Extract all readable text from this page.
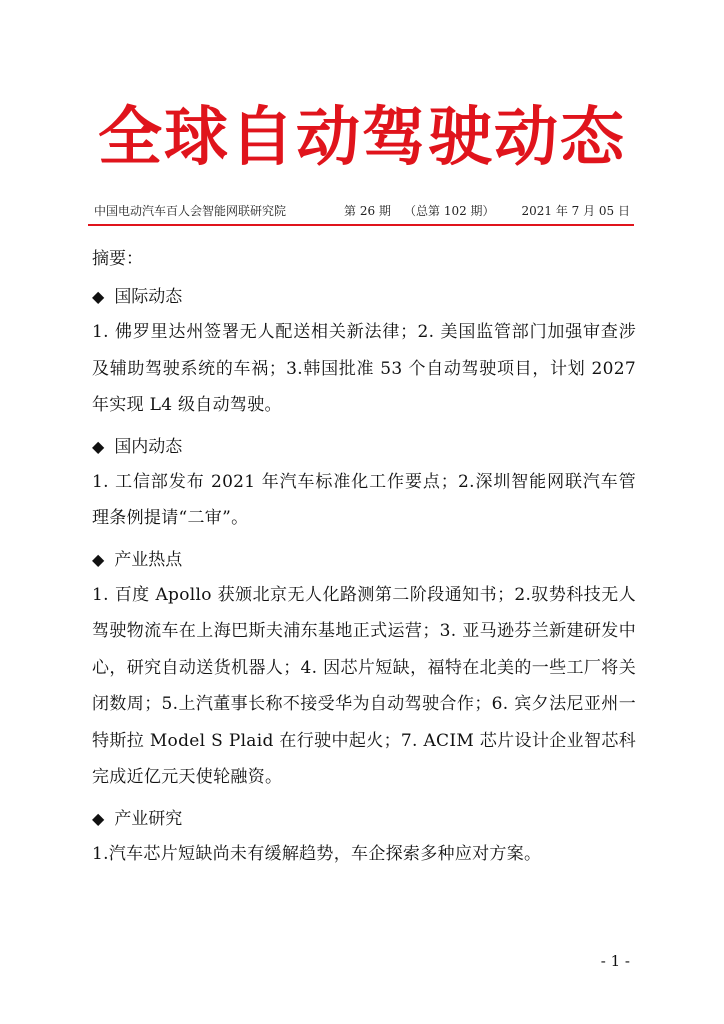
全球自动驾驶动态
中国电动汽车百人会智能网联研究院	第 26 期 （总第 102 期） 2021 年 7 月 05 日
摘要：
◆ 国际动态
1. 佛罗里达州签署无人配送相关新法律；2. 美国监管部门加强审查涉及辅助驾驶系统的车祸；3.韩国批准 53 个自动驾驶项目，计划 2027 年实现 L4 级自动驾驶。
◆ 国内动态
1. 工信部发布 2021 年汽车标准化工作要点；2.深圳智能网联汽车管理条例提请“二审”。
◆ 产业热点
1. 百度 Apollo 获颁北京无人化路测第二阶段通知书；2.驭势科技无人驾驶物流车在上海巴斯夫浦东基地正式运营；3. 亚马逊芬兰新建研发中心，研究自动送货机器人；4. 因芯片短缺，福特在北美的一些工厂将关闭数周；5.上汽董事长称不接受华为自动驾驶合作；6. 宾夕法尼亚州一特斯拉 Model S Plaid 在行驶中起火；7. ACIM 芯片设计企业智芯科完成近亿元天使轮融资。
◆ 产业研究
1.汽车芯片短缺尚未有缓解趋势，车企探索多种应对方案。
- 1 -
